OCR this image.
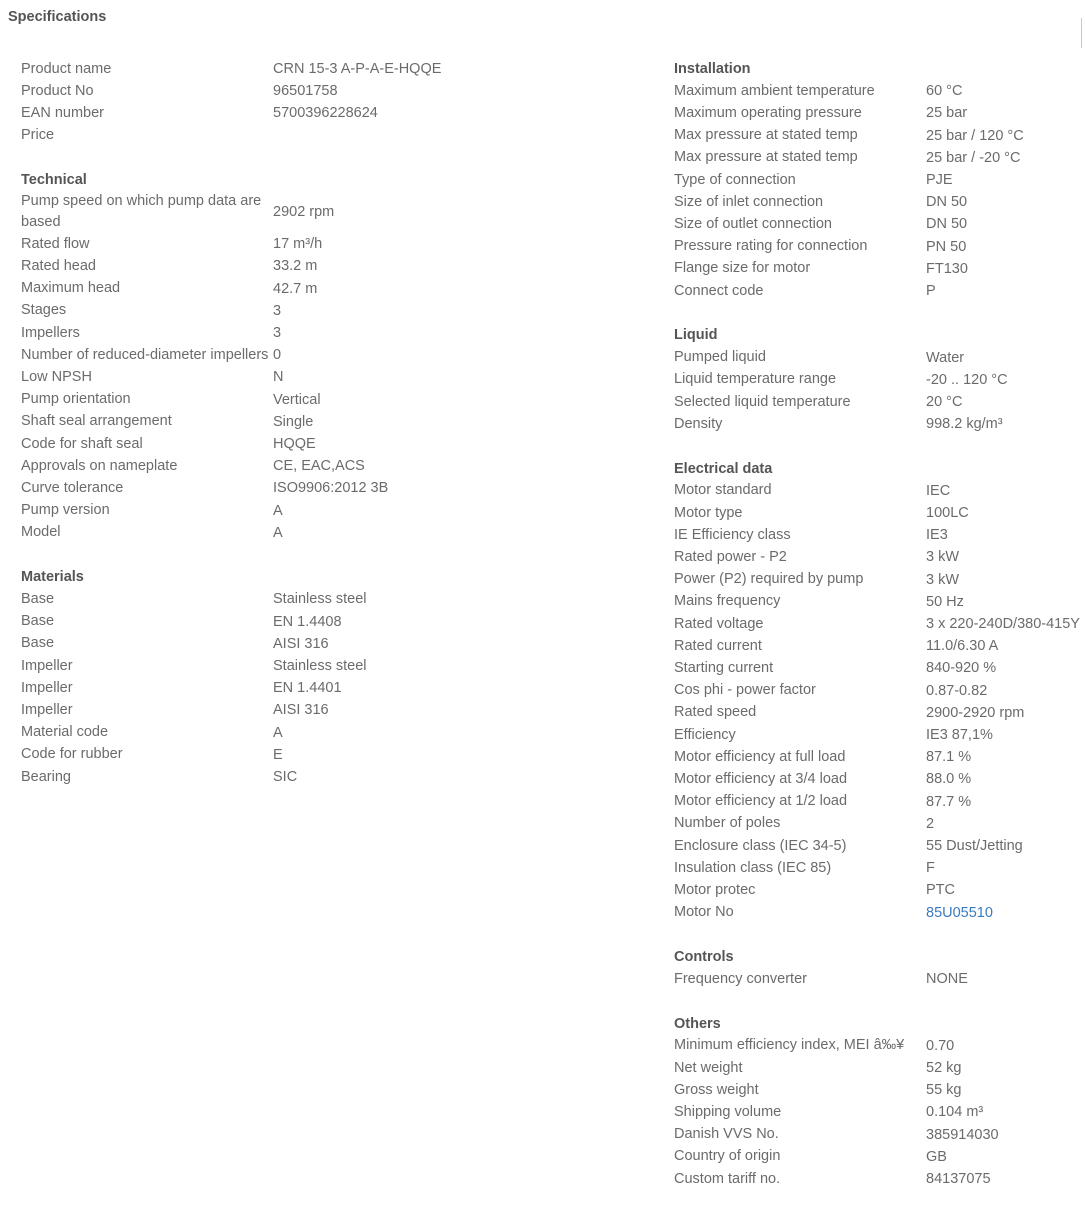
Specifications
Product name	CRN 15-3 A-P-A-E-HQQE
Product No	96501758
EAN number	5700396228624
Price
Technical
Pump speed on which pump data are based
2902 rpm
Rated flow	17 m³/h
Rated head	33.2 m
Maximum head	42.7 m
Stages	3
Impellers	3
Number of reduced-diameter impellers 0
Low NPSH	N
Pump orientation	Vertical
Shaft seal arrangement	Single
Code for shaft seal	HQQE
Approvals on nameplate	CE, EAC,ACS
Curve tolerance	ISO9906:2012 3B
Pump version	A
Model	A
Materials
Base	Stainless steel
Base	EN 1.4408
Base	AISI 316
Impeller	Stainless steel
Impeller	EN 1.4401
Impeller	AISI 316
Material code	A
Code for rubber	E
Bearing	SIC
Installation
Maximum ambient temperature	60 °C
Maximum operating pressure	25 bar
Max pressure at stated temp	25 bar / 120 °C
Max pressure at stated temp	25 bar / -20 °C
Type of connection	PJE
Size of inlet connection	DN 50
Size of outlet connection	DN 50
Pressure rating for connection	PN 50
Flange size for motor	FT130
Connect code	P
Liquid
Pumped liquid	Water
Liquid temperature range	-20 .. 120 °C
Selected liquid temperature	20 °C
Density	998.2 kg/m³
Electrical data
Motor standard	IEC
Motor type	100LC
IE Efficiency class	IE3
Rated power - P2	3 kW
Power (P2) required by pump	3 kW
Mains frequency	50 Hz
Rated voltage	3 x 220-240D/380-415Y
Rated current	11.0/6.30 A
Starting current	840-920 %
Cos phi - power factor	0.87-0.82
Rated speed	2900-2920 rpm
Efficiency	IE3 87,1%
Motor efficiency at full load	87.1 %
Motor efficiency at 3/4 load	88.0 %
Motor efficiency at 1/2 load	87.7 %
Number of poles	2
Enclosure class (IEC 34-5)	55 Dust/Jetting
Insulation class (IEC 85)	F
Motor protec	PTC
Motor No	85U05510
Controls
Frequency converter	NONE
Others
Minimum efficiency index, MEI â‰¥	0.70
Net weight	52 kg
Gross weight	55 kg
Shipping volume	0.104 m³
Danish VVS No.	385914030
Country of origin	GB
Custom tariff no.	84137075
